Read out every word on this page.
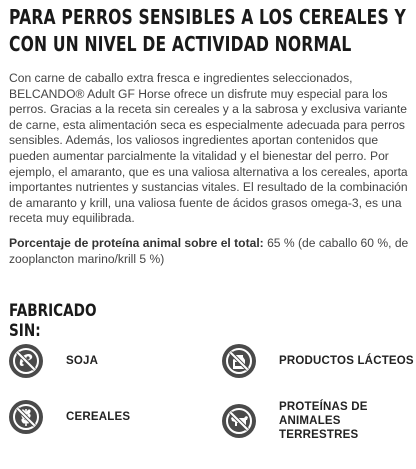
PARA PERROS SENSIBLES A LOS CEREALES Y CON UN NIVEL DE ACTIVIDAD NORMAL

Con carne de caballo extra fresca e ingredientes seleccionados, BELCANDO® Adult GF Horse ofrece un disfrute muy especial para los perros. Gracias a la receta sin cereales y a la sabrosa y exclusiva variante de carne, esta alimentación seca es especialmente adecuada para perros sensibles. Además, los valiosos ingredientes aportan contenidos que pueden aumentar parcialmente la vitalidad y el bienestar del perro. Por ejemplo, el amaranto, que es una valiosa alternativa a los cereales, aporta importantes nutrientes y sustancias vitales. El resultado de la combinación de amaranto y krill, una valiosa fuente de ácidos grasos omega-3, es una receta muy equilibrada.

Porcentaje de proteína animal sobre el total: 65 % (de caballo 60 %, de zooplancton marino/krill 5 %)

FABRICADO SIN:
SOJA	PRODUCTOS LÁCTEOS
CEREALES
PROTEÍNAS DE ANIMALES TERRESTRES
